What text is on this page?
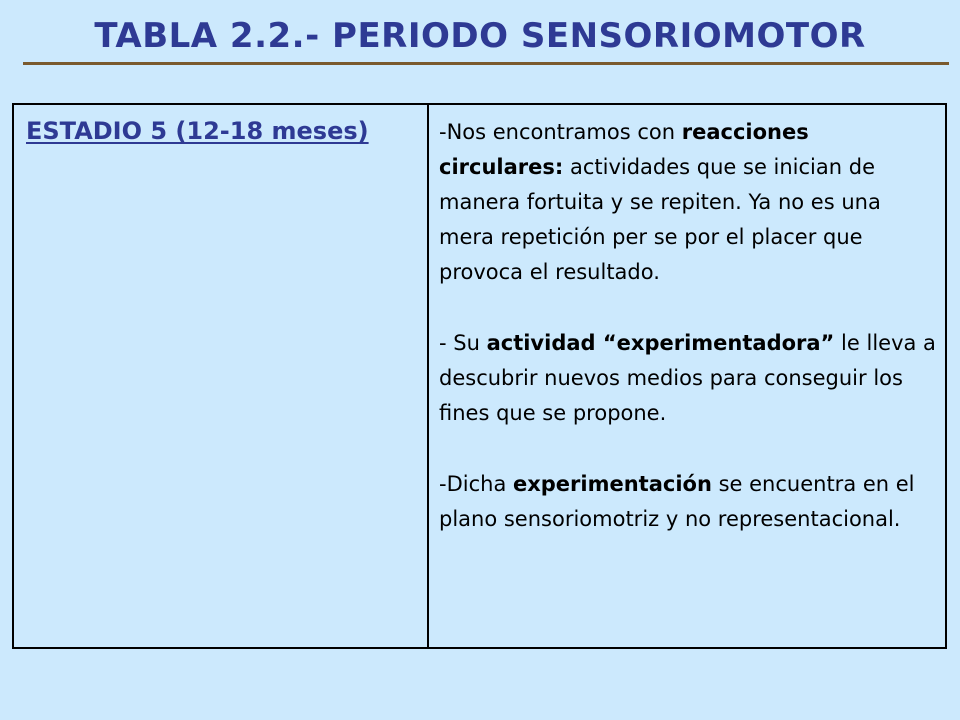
TABLA 2.2.- PERIODO SENSORIOMOTOR
ESTADIO 5 (12-18 meses)	-Nos encontramos con reacciones circulares: actividades que se inician de manera fortuita y se repiten. Ya no es una mera repetición per se por el placer que provoca el resultado.

- Su actividad “experimentadora” le lleva a descubrir nuevos medios para conseguir los fines que se propone.

-Dicha experimentación se encuentra en el plano sensoriomotriz y no representacional.
